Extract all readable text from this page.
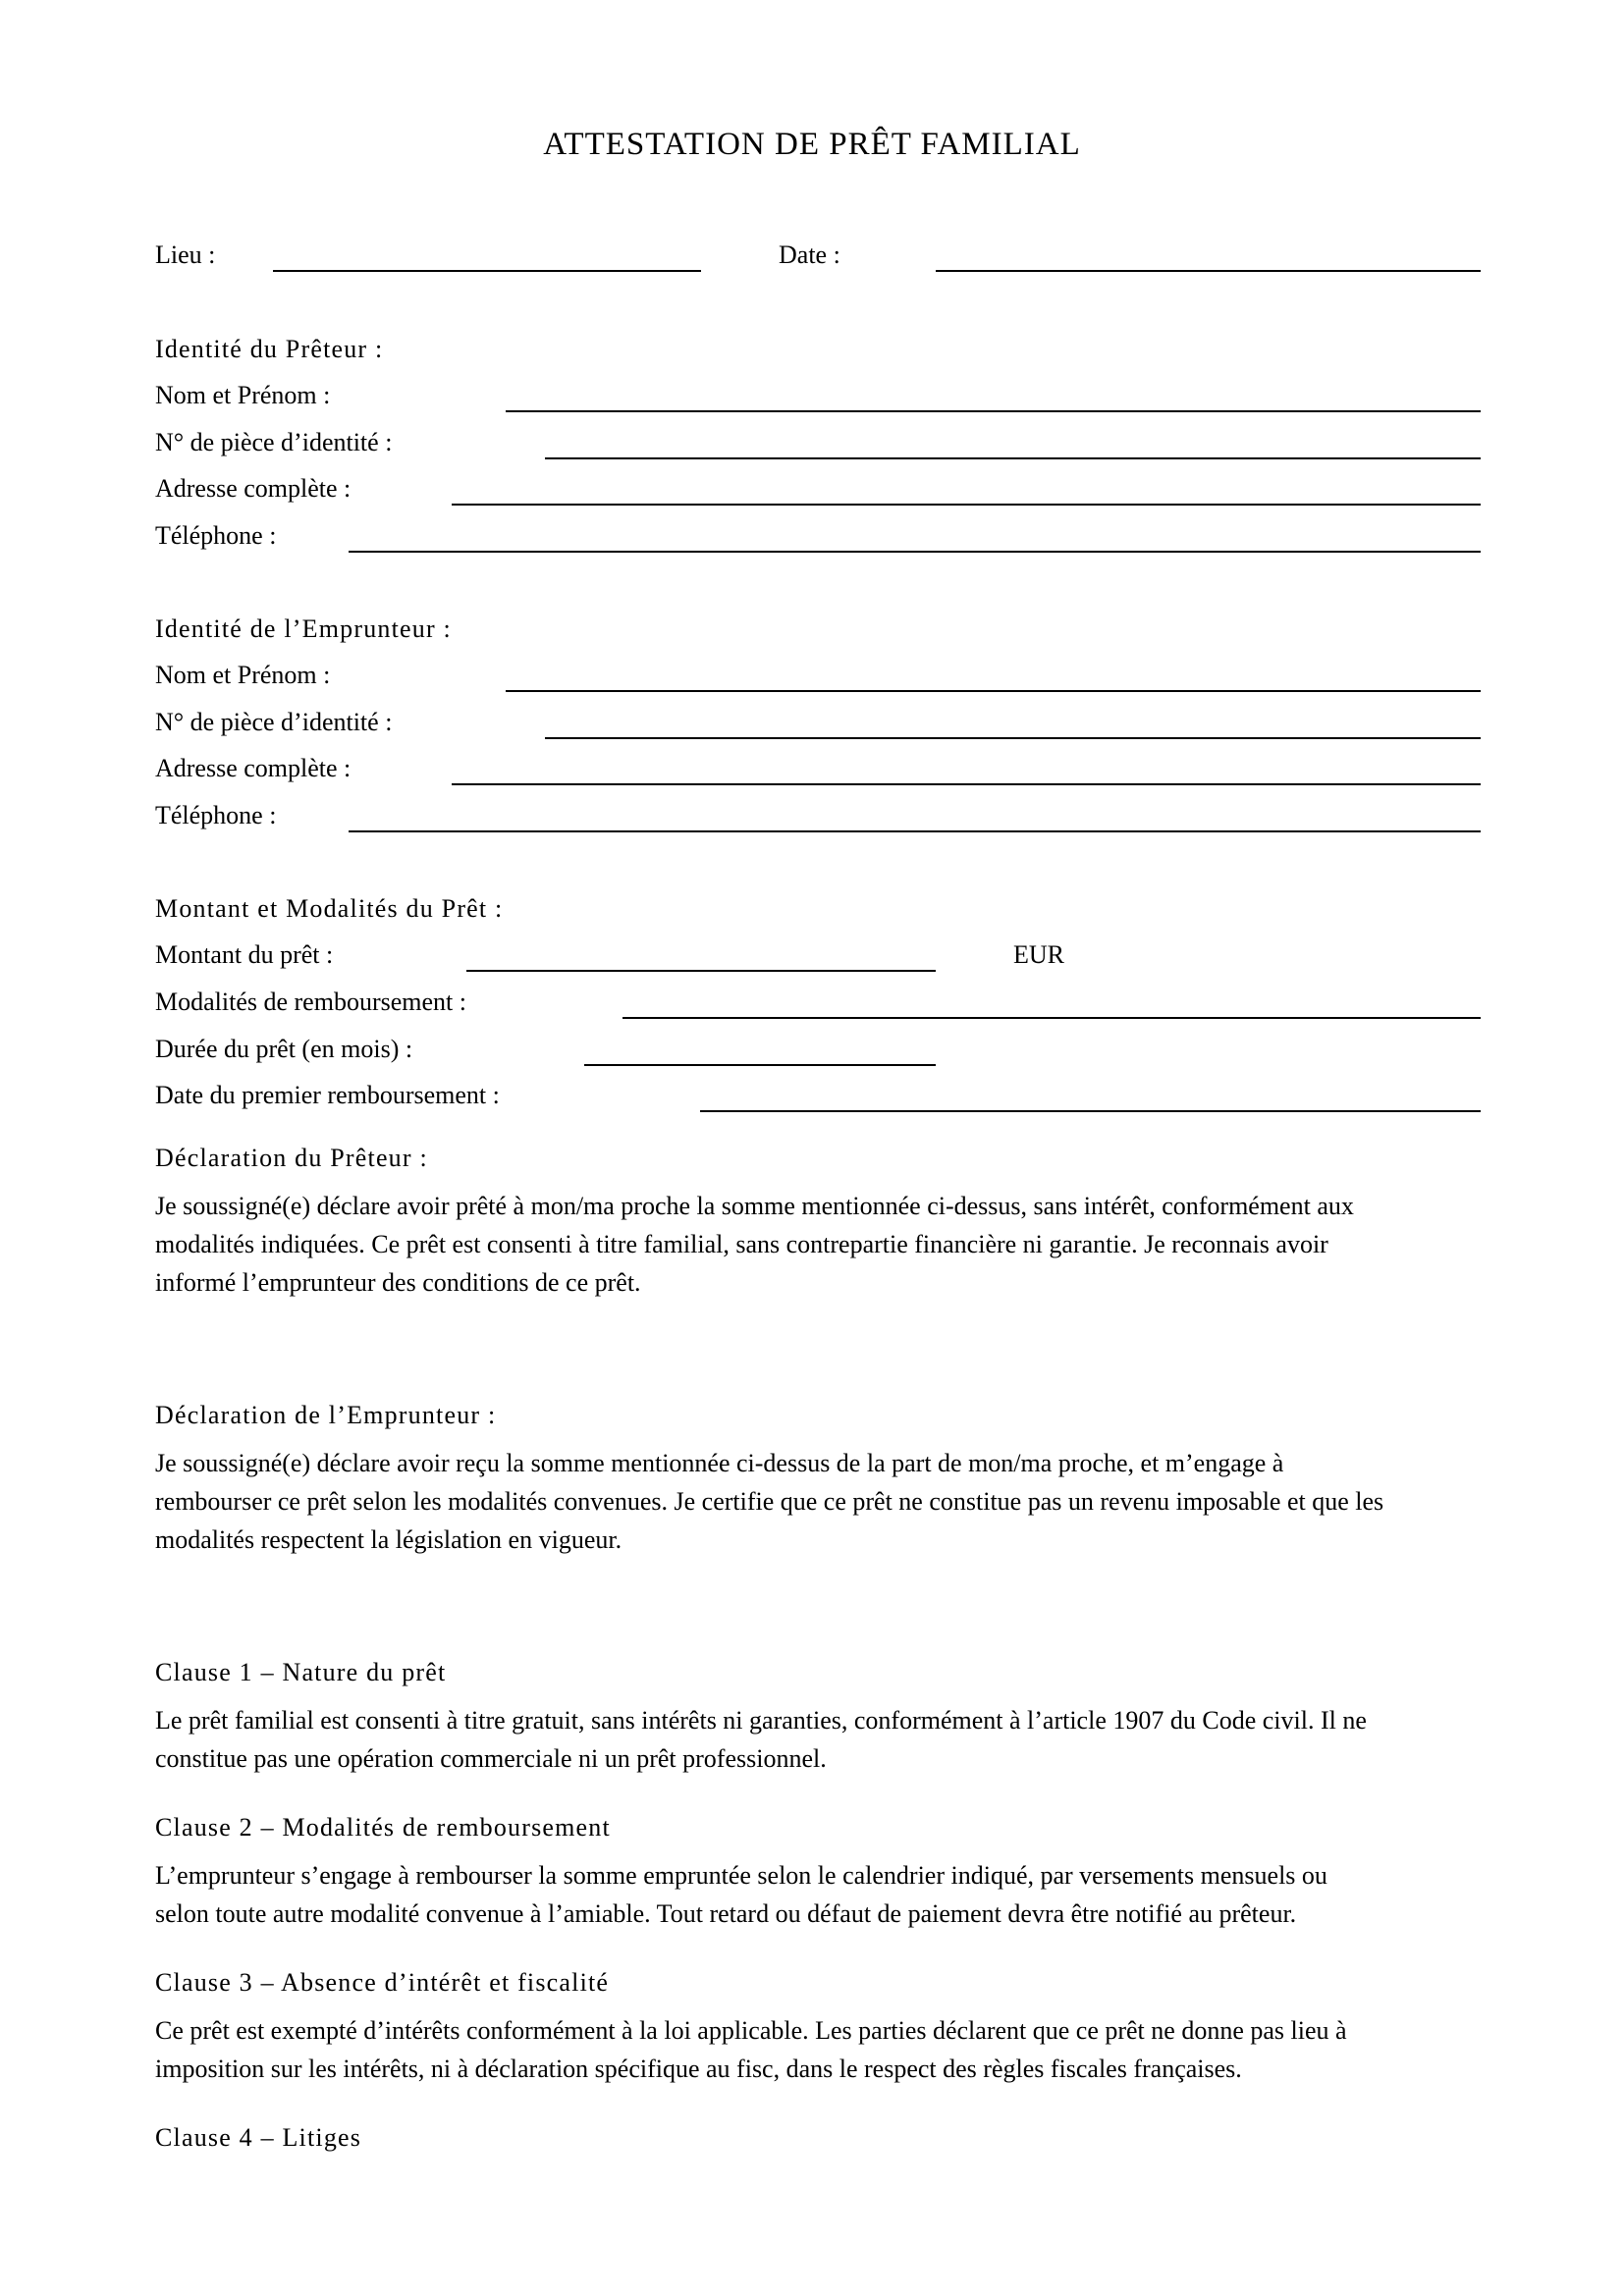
ATTESTATION DE PRÊT FAMILIAL
Lieu :	Date :
Identité du Prêteur :
Nom et Prénom :
N° de pièce d’identité :
Adresse complète :
Téléphone :
Identité de l’Emprunteur :
Nom et Prénom :
N° de pièce d’identité :
Adresse complète :
Téléphone :
Montant et Modalités du Prêt :
Montant du prêt :	EUR
Modalités de remboursement :
Durée du prêt (en mois) :
Date du premier remboursement :
Déclaration du Prêteur :
Je soussigné(e) déclare avoir prêté à mon/ma proche la somme mentionnée ci-dessus, sans intérêt, conformément aux
modalités indiquées. Ce prêt est consenti à titre familial, sans contrepartie financière ni garantie. Je reconnais avoir
informé l’emprunteur des conditions de ce prêt.
Déclaration de l’Emprunteur :
Je soussigné(e) déclare avoir reçu la somme mentionnée ci-dessus de la part de mon/ma proche, et m’engage à
rembourser ce prêt selon les modalités convenues. Je certifie que ce prêt ne constitue pas un revenu imposable et que les
modalités respectent la législation en vigueur.
Clause 1 – Nature du prêt
Le prêt familial est consenti à titre gratuit, sans intérêts ni garanties, conformément à l’article 1907 du Code civil. Il ne
constitue pas une opération commerciale ni un prêt professionnel.
Clause 2 – Modalités de remboursement
L’emprunteur s’engage à rembourser la somme empruntée selon le calendrier indiqué, par versements mensuels ou
selon toute autre modalité convenue à l’amiable. Tout retard ou défaut de paiement devra être notifié au prêteur.
Clause 3 – Absence d’intérêt et fiscalité
Ce prêt est exempté d’intérêts conformément à la loi applicable. Les parties déclarent que ce prêt ne donne pas lieu à
imposition sur les intérêts, ni à déclaration spécifique au fisc, dans le respect des règles fiscales françaises.
Clause 4 – Litiges
